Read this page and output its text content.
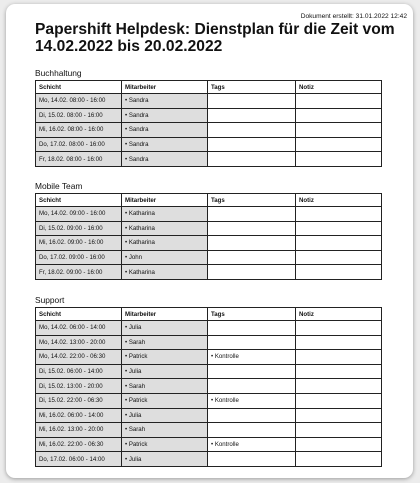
Dokument erstellt: 31.01.2022 12:42
Papershift Helpdesk: Dienstplan für die Zeit vom 14.02.2022 bis 20.02.2022
Buchhaltung
Schicht	Mitarbeiter	Tags	Notiz
Mo, 14.02. 08:00 - 16:00	• Sandra		
Di, 15.02. 08:00 - 16:00	• Sandra		
Mi, 16.02. 08:00 - 16:00	• Sandra		
Do, 17.02. 08:00 - 16:00	• Sandra		
Fr, 18.02. 08:00 - 16:00	• Sandra		
Mobile Team
Schicht	Mitarbeiter	Tags	Notiz
Mo, 14.02. 09:00 - 16:00	• Katharina		
Di, 15.02. 09:00 - 16:00	• Katharina		
Mi, 16.02. 09:00 - 16:00	• Katharina		
Do, 17.02. 09:00 - 16:00	• John		
Fr, 18.02. 09:00 - 16:00	• Katharina		
Support
Schicht	Mitarbeiter	Tags	Notiz
Mo, 14.02. 06:00 - 14:00	• Julia		
Mo, 14.02. 13:00 - 20:00	• Sarah		
Mo, 14.02. 22:00 - 06:30	• Patrick	• Kontrolle	
Di, 15.02. 06:00 - 14:00	• Julia		
Di, 15.02. 13:00 - 20:00	• Sarah		
Di, 15.02. 22:00 - 06:30	• Patrick	• Kontrolle	
Mi, 16.02. 06:00 - 14:00	• Julia		
Mi, 16.02. 13:00 - 20:00	• Sarah		
Mi, 16.02. 22:00 - 06:30	• Patrick	• Kontrolle	
Do, 17.02. 06:00 - 14:00	• Julia		
